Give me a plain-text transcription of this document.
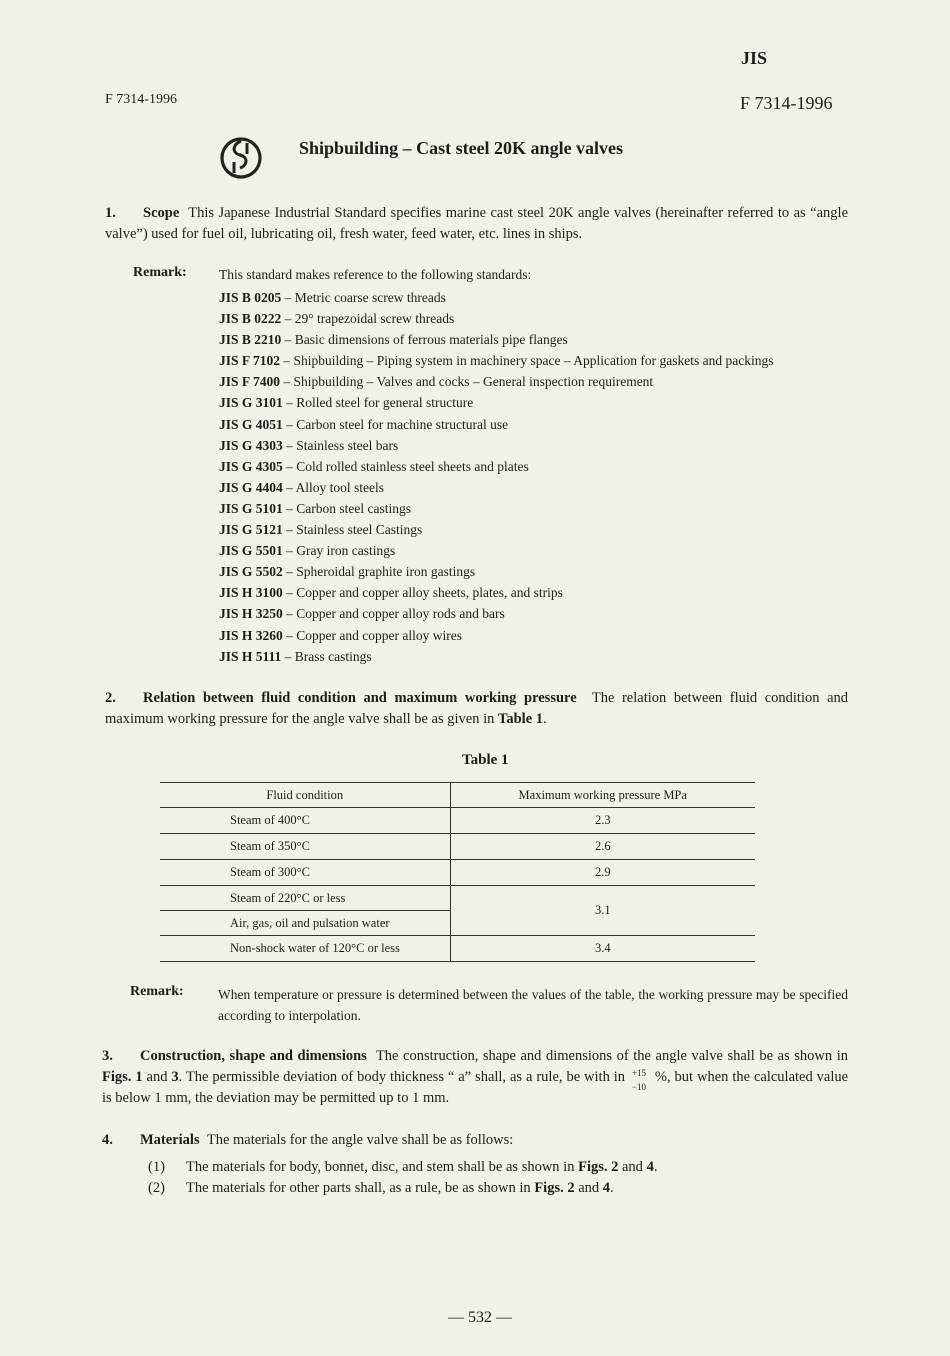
JIS
F 7314-1996	F 7314-1996
Shipbuilding – Cast steel 20K angle valves
1. Scope This Japanese Industrial Standard specifies marine cast steel 20K angle valves (hereinafter referred to as “angle valve”) used for fuel oil, lubricating oil, fresh water, feed water, etc. lines in ships.
Remark: This standard makes reference to the following standards:
JIS B 0205 – Metric coarse screw threads
JIS B 0222 – 29° trapezoidal screw threads
JIS B 2210 – Basic dimensions of ferrous materials pipe flanges
JIS F 7102 – Shipbuilding – Piping system in machinery space – Application for gaskets and packings
JIS F 7400 – Shipbuilding – Valves and cocks – General inspection requirement
JIS G 3101 – Rolled steel for general structure
JIS G 4051 – Carbon steel for machine structural use
JIS G 4303 – Stainless steel bars
JIS G 4305 – Cold rolled stainless steel sheets and plates
JIS G 4404 – Alloy tool steels
JIS G 5101 – Carbon steel castings
JIS G 5121 – Stainless steel Castings
JIS G 5501 – Gray iron castings
JIS G 5502 – Spheroidal graphite iron gastings
JIS H 3100 – Copper and copper alloy sheets, plates, and strips
JIS H 3250 – Copper and copper alloy rods and bars
JIS H 3260 – Copper and copper alloy wires
JIS H 5111 – Brass castings
2. Relation between fluid condition and maximum working pressure The relation between fluid condition and maximum working pressure for the angle valve shall be as given in Table 1.
Table 1
Fluid condition	Maximum working pressure MPa
Steam of 400°C	2.3
Steam of 350°C	2.6
Steam of 300°C	2.9
Steam of 220°C or less	3.1
Air, gas, oil and pulsation water	
Non-shock water of 120°C or less	3.4
Remark:	When temperature or pressure is determined between the values of the table, the working pressure may be specified according to interpolation.
3. Construction, shape and dimensions The construction, shape and dimensions of the angle valve shall be as shown in Figs. 1 and 3. The permissible deviation of body thickness “ a” shall, as a rule, be with in +15
−10
%, but when the calculated value is below 1 mm, the deviation may be permitted up to 1 mm.
4. Materials The materials for the angle valve shall be as follows:
(1) The materials for body, bonnet, disc, and stem shall be as shown in Figs. 2 and 4.
(2) The materials for other parts shall, as a rule, be as shown in Figs. 2 and 4.
— 532 —
